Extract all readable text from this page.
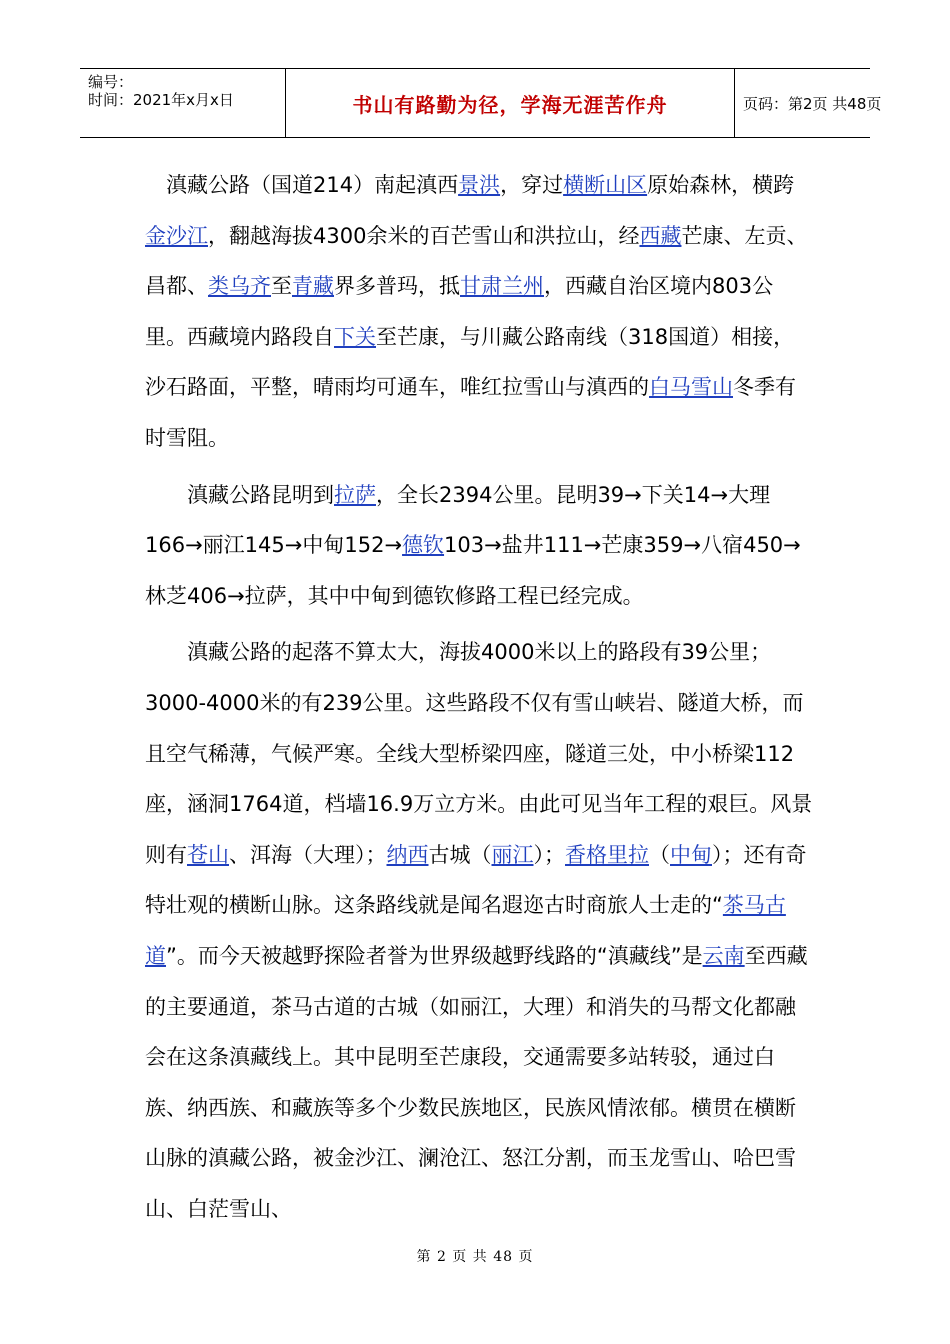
编号：
时间：2021年x月x日	书山有路勤为径，学海无涯苦作舟	页码：第2页 共48页

滇藏公路（国道214）南起滇西景洪，穿过横断山区原始森林，横跨金沙江，翻越海拔4300余米的百芒雪山和洪拉山，经西藏芒康、左贡、昌都、类乌齐至青藏界多普玛，抵甘肃兰州，西藏自治区境内803公里。西藏境内路段自下关至芒康，与川藏公路南线（318国道）相接，沙石路面，平整，晴雨均可通车，唯红拉雪山与滇西的白马雪山冬季有时雪阻。

滇藏公路昆明到拉萨，全长2394公里。昆明39→下关14→大理166→丽江145→中甸152→德钦103→盐井111→芒康359→八宿450→林芝406→拉萨，其中中甸到德钦修路工程已经完成。

滇藏公路的起落不算太大，海拔4000米以上的路段有39公里；3000-4000米的有239公里。这些路段不仅有雪山峡岩、隧道大桥，而且空气稀薄，气候严寒。全线大型桥梁四座，隧道三处，中小桥梁112座，涵洞1764道，档墙16.9万立方米。由此可见当年工程的艰巨。风景则有苍山、洱海（大理）；纳西古城（丽江）；香格里拉（中甸）；还有奇特壮观的横断山脉。这条路线就是闻名遐迩古时商旅人士走的“茶马古道”。而今天被越野探险者誉为世界级越野线路的“滇藏线”是云南至西藏的主要通道，茶马古道的古城（如丽江，大理）和消失的马帮文化都融会在这条滇藏线上。其中昆明至芒康段，交通需要多站转驳，通过白族、纳西族、和藏族等多个少数民族地区，民族风情浓郁。横贯在横断山脉的滇藏公路，被金沙江、澜沧江、怒江分割，而玉龙雪山、哈巴雪山、白茫雪山、

第 2 页 共 48 页
